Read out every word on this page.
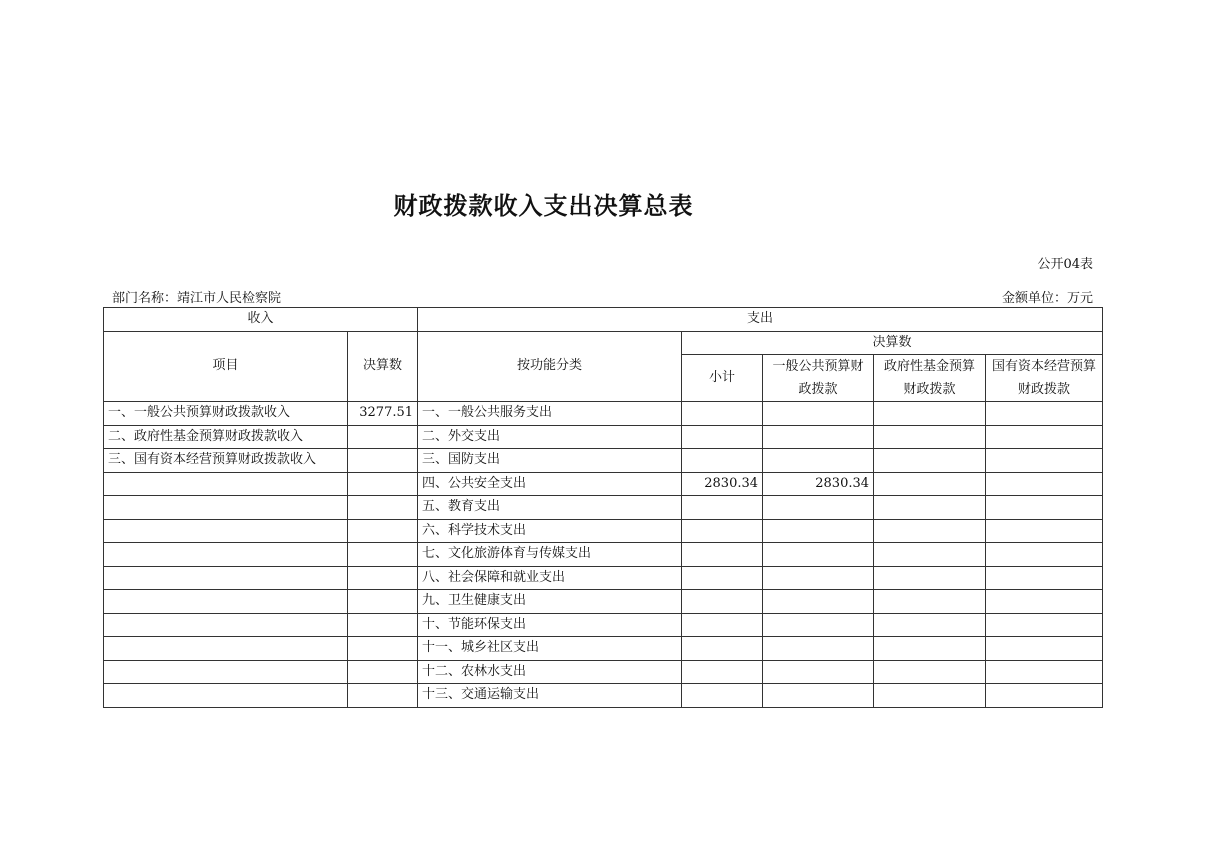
财政拨款收入支出决算总表
公开04表
部门名称：靖江市人民检察院	金额单位：万元
收入		支出				
项目	决算数	按功能分类	决算数			
			小计	一般公共预算财政拨款	政府性基金预算财政拨款	国有资本经营预算财政拨款

一、一般公共预算财政拨款收入	3277.51	一、一般公共服务支出				
二、政府性基金预算财政拨款收入		二、外交支出				
三、国有资本经营预算财政拨款收入		三、国防支出				
		四、公共安全支出	2830.34	2830.34		
		五、教育支出				
		六、科学技术支出				
		七、文化旅游体育与传媒支出				
		八、社会保障和就业支出				
		九、卫生健康支出				
		十、节能环保支出				
		十一、城乡社区支出				
		十二、农林水支出				
		十三、交通运输支出				
